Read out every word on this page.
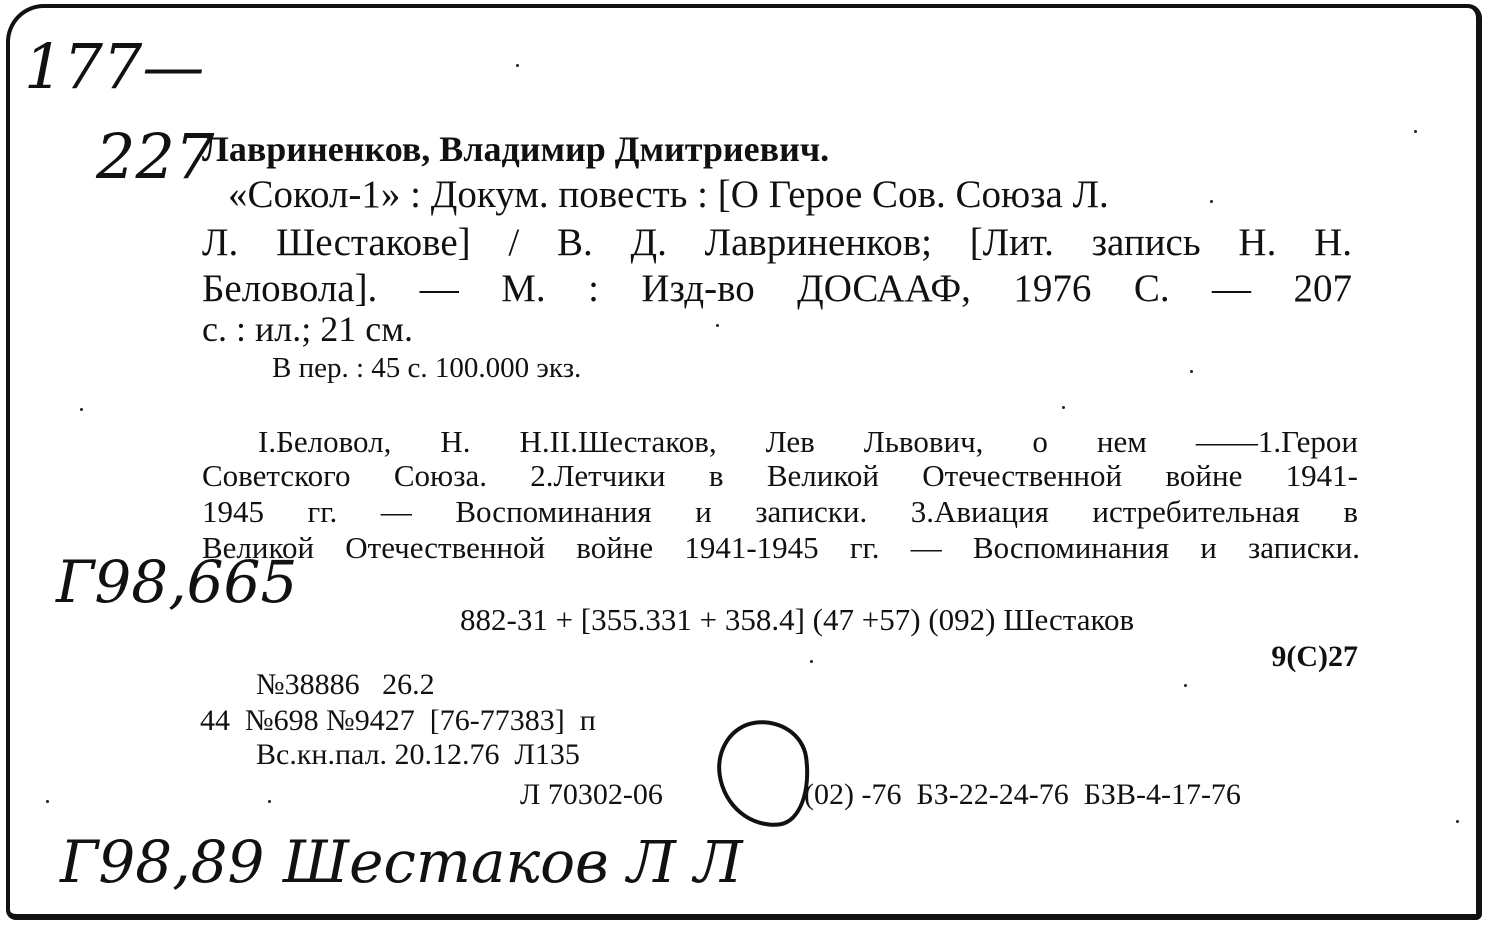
177—
227
Г98,665
Г98,89 Шестаков Л Л
Лавриненков, Владимир Дмитриевич.
«Сокол-1» : Докум. повесть : [О Герое Сов. Союза Л.
Л. Шестакове] / В. Д. Лавриненков; [Лит. запись Н. Н.
Беловола]. — М. : Изд-во ДОСААФ, 1976 С. — 207
с. : ил.; 21 см.
В пер. : 45 с. 100.000 экз.
I.Беловол, Н. Н.II.Шестаков, Лев Львович, о нем ——1.Герои
Советского Союза. 2.Летчики в Великой Отечественной войне 1941-
1945 гг. — Воспоминания и записки. 3.Авиация истребительная в
Великой Отечественной войне 1941-1945 гг. — Воспоминания и записки.
882-31 + [355.331 + 358.4] (47 +57) (092) Шестаков
9(С)27
№38886   26.2
44  №698 №9427  [76-77383]  п
Вс.кн.пал. 20.12.76  Л135
Л 70302-06	(02) -76  БЗ-22-24-76  БЗВ-4-17-76
